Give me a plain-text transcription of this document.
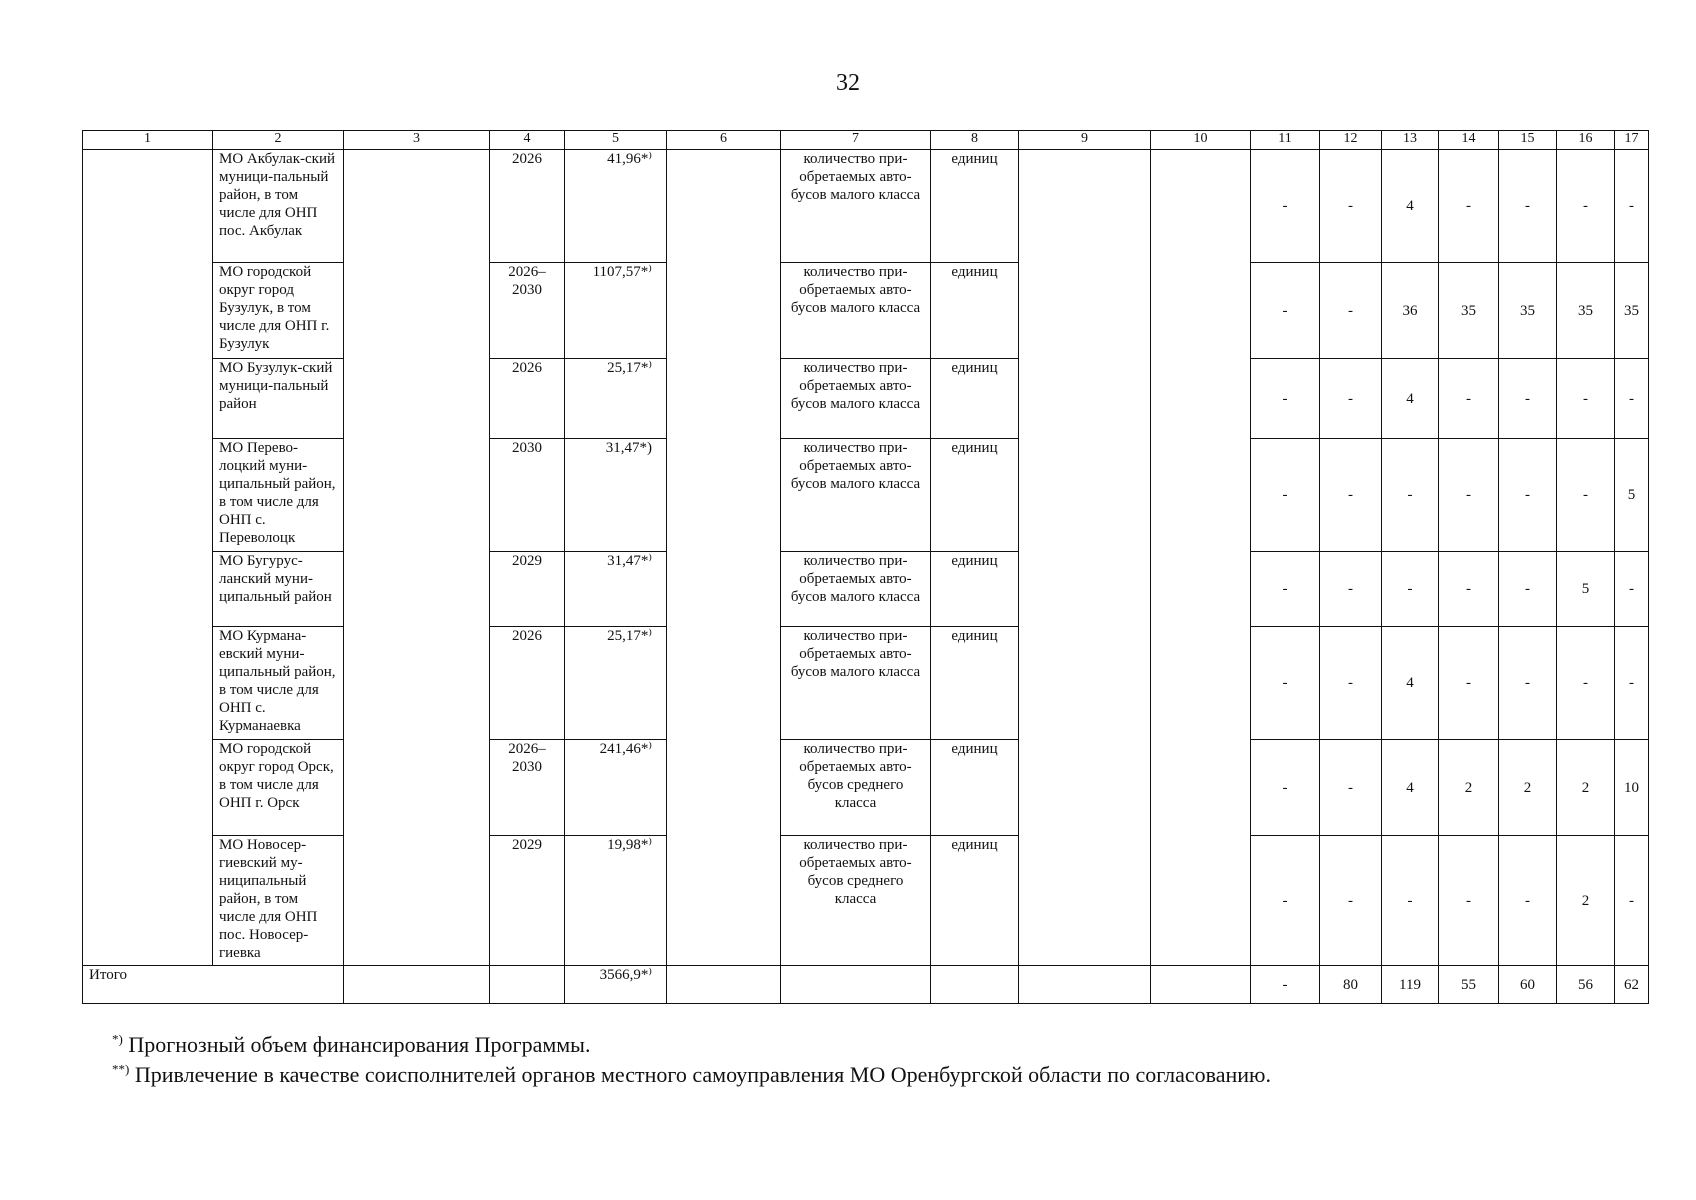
32
1	2	3	4	5	6	7	8	9	10	11	12	13	14	15	16	17
	МО Акбулак-ский муници-пальный район, в том числе для ОНП пос. Акбулак		2026	41,96*⁾		количество при-обретаемых авто-бусов малого класса	единиц			-	-	4	-	-	-	-
	МО городской округ город Бузулук, в том числе для ОНП г. Бузулук		2026–2030	1107,57*⁾		количество при-обретаемых авто-бусов малого класса	единиц			-	-	36	35	35	35	35
	МО Бузулук-ский муници-пальный район		2026	25,17*⁾		количество при-обретаемых авто-бусов малого класса	единиц			-	-	4	-	-	-	-
	МО Перево-лоцкий муни-ципальный район, в том числе для ОНП с. Переволоцк		2030	31,47*)		количество при-обретаемых авто-бусов малого класса	единиц			-	-	-	-	-	-	5
	МО Бугурус-ланский муни-ципальный район		2029	31,47*⁾		количество при-обретаемых авто-бусов малого класса	единиц			-	-	-	-	-	5	-
	МО Курмана-евский муни-ципальный район, в том числе для ОНП с. Курманаевка		2026	25,17*⁾		количество при-обретаемых авто-бусов малого класса	единиц			-	-	4	-	-	-	-
	МО городской округ город Орск, в том числе для ОНП г. Орск		2026–2030	241,46*⁾		количество при-обретаемых авто-бусов среднего класса	единиц			-	-	4	2	2	2	10
	МО Новосер-гиевский му-ниципальный район, в том числе для ОНП пос. Новосер-гиевка		2029	19,98*⁾		количество при-обретаемых авто-бусов среднего класса	единиц			-	-	-	-	-	2	-
Итого				3566,9*⁾						-	80	119	55	60	56	62
*) Прогнозный объем финансирования Программы.
**) Привлечение в качестве соисполнителей органов местного самоуправления МО Оренбургской области по согласованию.
